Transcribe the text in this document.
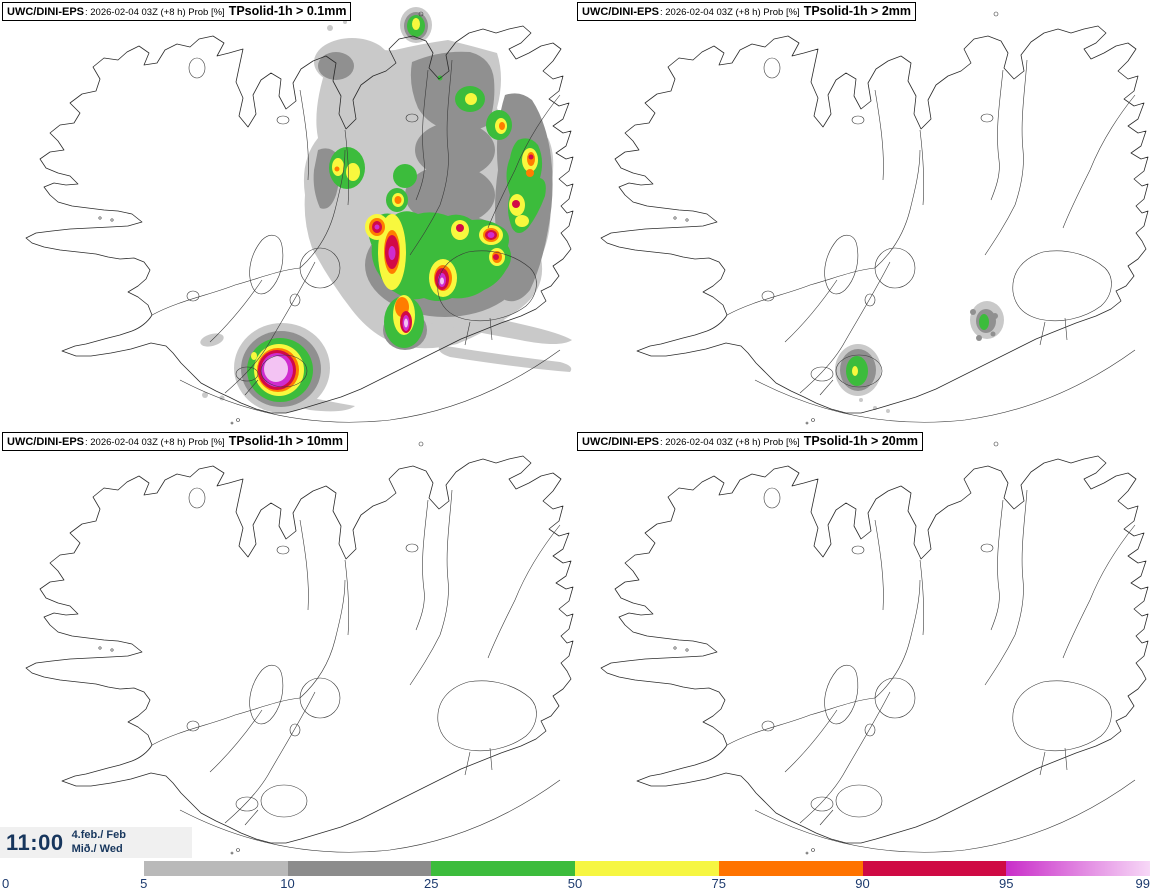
UWC/DINI-EPS : 2026-02-04 03Z (+8 h) Prob [%] TPsolid-1h > 0.1mm	UWC/DINI-EPS : 2026-02-04 03Z (+8 h) Prob [%] TPsolid-1h > 2mm
UWC/DINI-EPS : 2026-02-04 03Z (+8 h) Prob [%] TPsolid-1h > 10mm	UWC/DINI-EPS : 2026-02-04 03Z (+8 h) Prob [%] TPsolid-1h > 20mm
11:00 4.feb./ Feb
Mið./ Wed
0	5	10	25	50	75	90	95	99
